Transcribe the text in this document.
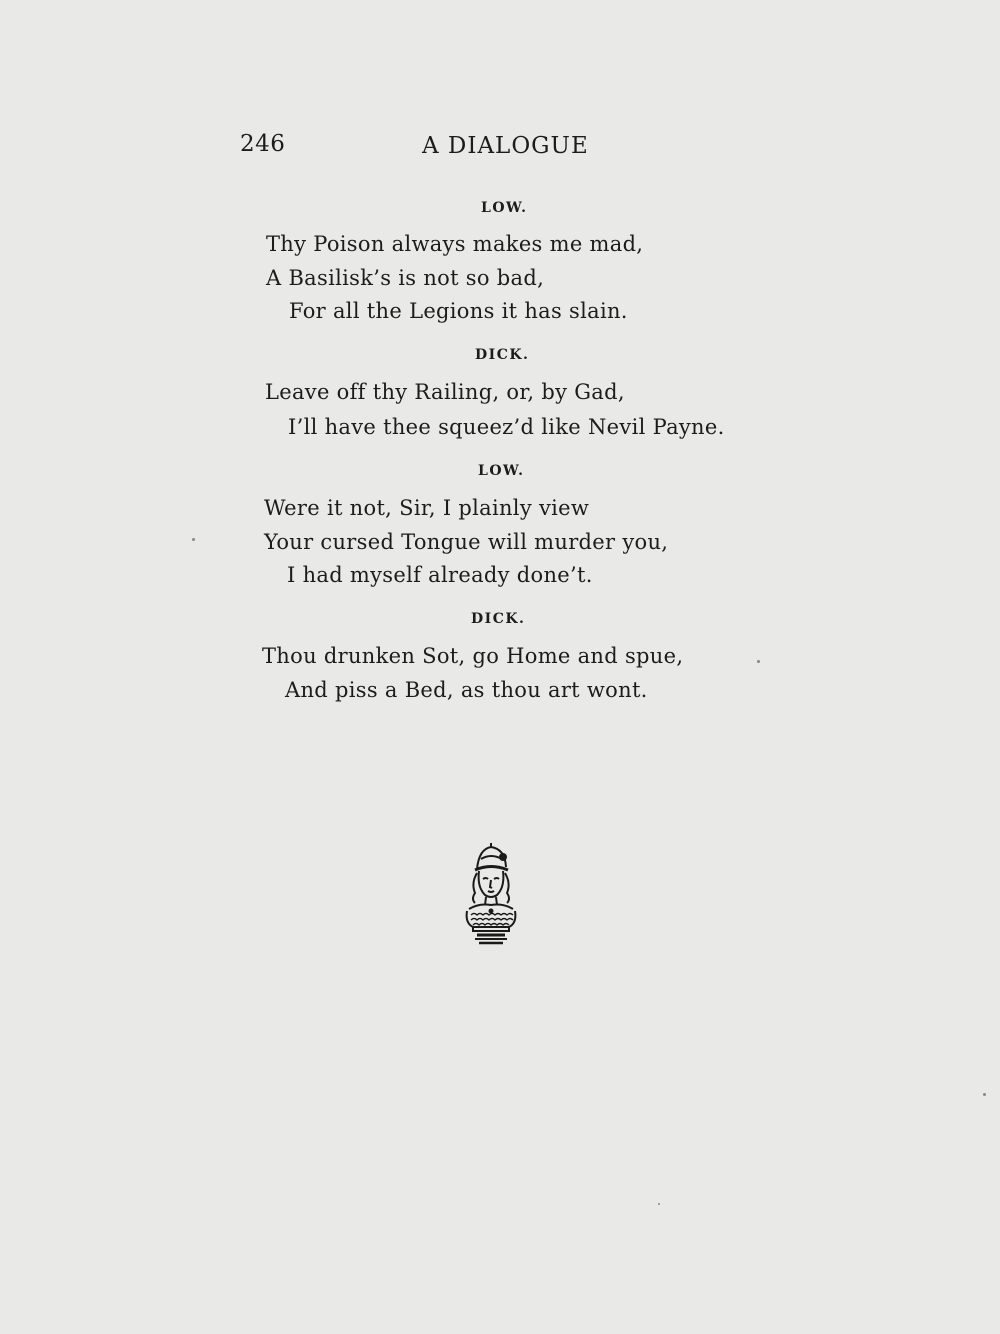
246	A DIALOGUE
LOW.
Thy Poison always makes me mad,
A Basilisk’s is not so bad,
For all the Legions it has slain.
DICK.
Leave off thy Railing, or, by Gad,
I’ll have thee squeez’d like Nevil Payne.
LOW.
Were it not, Sir, I plainly view
Your cursed Tongue will murder you,
I had myself already done’t.
DICK.
Thou drunken Sot, go Home and spue,
And piss a Bed, as thou art wont.
